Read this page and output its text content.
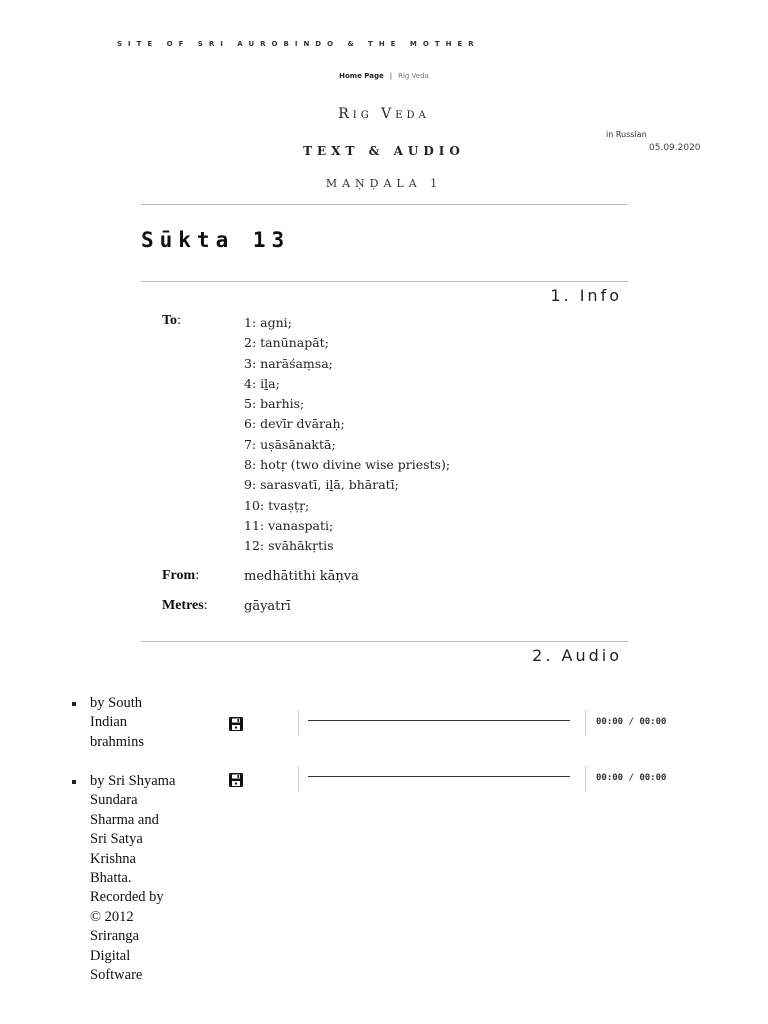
SITE OF SRI AUROBINDO & THE MOTHER
Home Page | Rig Veda
Rig Veda
TEXT & AUDIO
MAṆḌALA 1
in Russian
05.09.2020
Sūkta 13
1. Info
To:	1: agni;
2: tanūnapāt;
3: narāśaṃsa;
4: iḻa;
5: barhis;
6: devīr dvāraḥ;
7: uṣāsānaktā;
8: hotṛ (two divine wise priests);
9: sarasvatī, iḻā, bhāratī;
10: tvaṣṭṛ;
11: vanaspati;
12: svāhākṛtis
From:	medhātithi kāṇva
Metres:	gāyatrī
2. Audio
by South
Indian
brahmins
00:00 / 00:00
by Sri Shyama
Sundara
Sharma and
Sri Satya
Krishna
Bhatta.
Recorded by
© 2012
Sriranga
Digital
Software
00:00 / 00:00
